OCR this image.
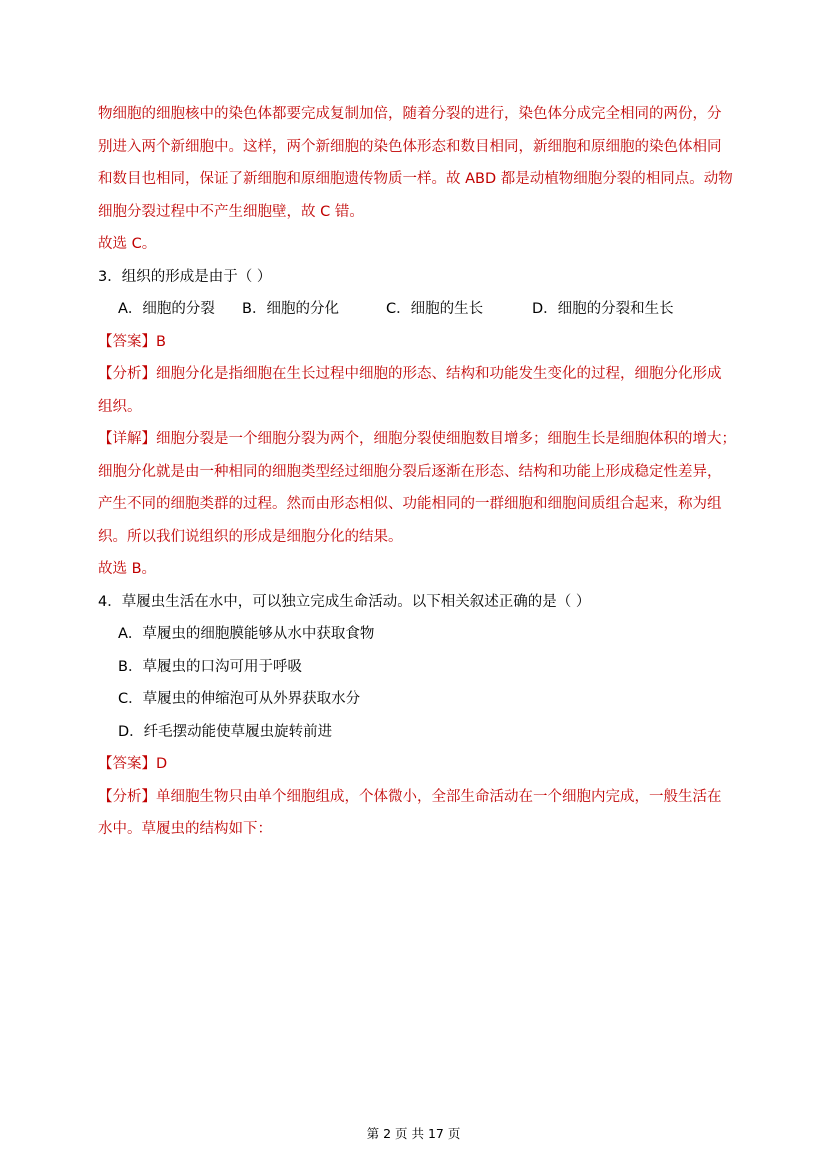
物细胞的细胞核中的染色体都要完成复制加倍，随着分裂的进行，染色体分成完全相同的两份，分

别进入两个新细胞中。这样，两个新细胞的染色体形态和数目相同，新细胞和原细胞的染色体相同

和数目也相同，保证了新细胞和原细胞遗传物质一样。故 ABD 都是动植物细胞分裂的相同点。动物

细胞分裂过程中不产生细胞壁，故 C 错。

故选 C。

3．组织的形成是由于（ ）

A．细胞的分裂	B．细胞的分化	C．细胞的生长	D．细胞的分裂和生长

【答案】B

【分析】细胞分化是指细胞在生长过程中细胞的形态、结构和功能发生变化的过程，细胞分化形成

组织。

【详解】细胞分裂是一个细胞分裂为两个，细胞分裂使细胞数目增多；细胞生长是细胞体积的增大；

细胞分化就是由一种相同的细胞类型经过细胞分裂后逐渐在形态、结构和功能上形成稳定性差异，

产生不同的细胞类群的过程。然而由形态相似、功能相同的一群细胞和细胞间质组合起来，称为组

织。所以我们说组织的形成是细胞分化的结果。

故选 B。

4．草履虫生活在水中，可以独立完成生命活动。以下相关叙述正确的是（ ）

A．草履虫的细胞膜能够从水中获取食物

B．草履虫的口沟可用于呼吸

C．草履虫的伸缩泡可从外界获取水分

D．纤毛摆动能使草履虫旋转前进

【答案】D

【分析】单细胞生物只由单个细胞组成，个体微小，全部生命活动在一个细胞内完成，一般生活在

水中。草履虫的结构如下：

第 2 页 共 17 页
